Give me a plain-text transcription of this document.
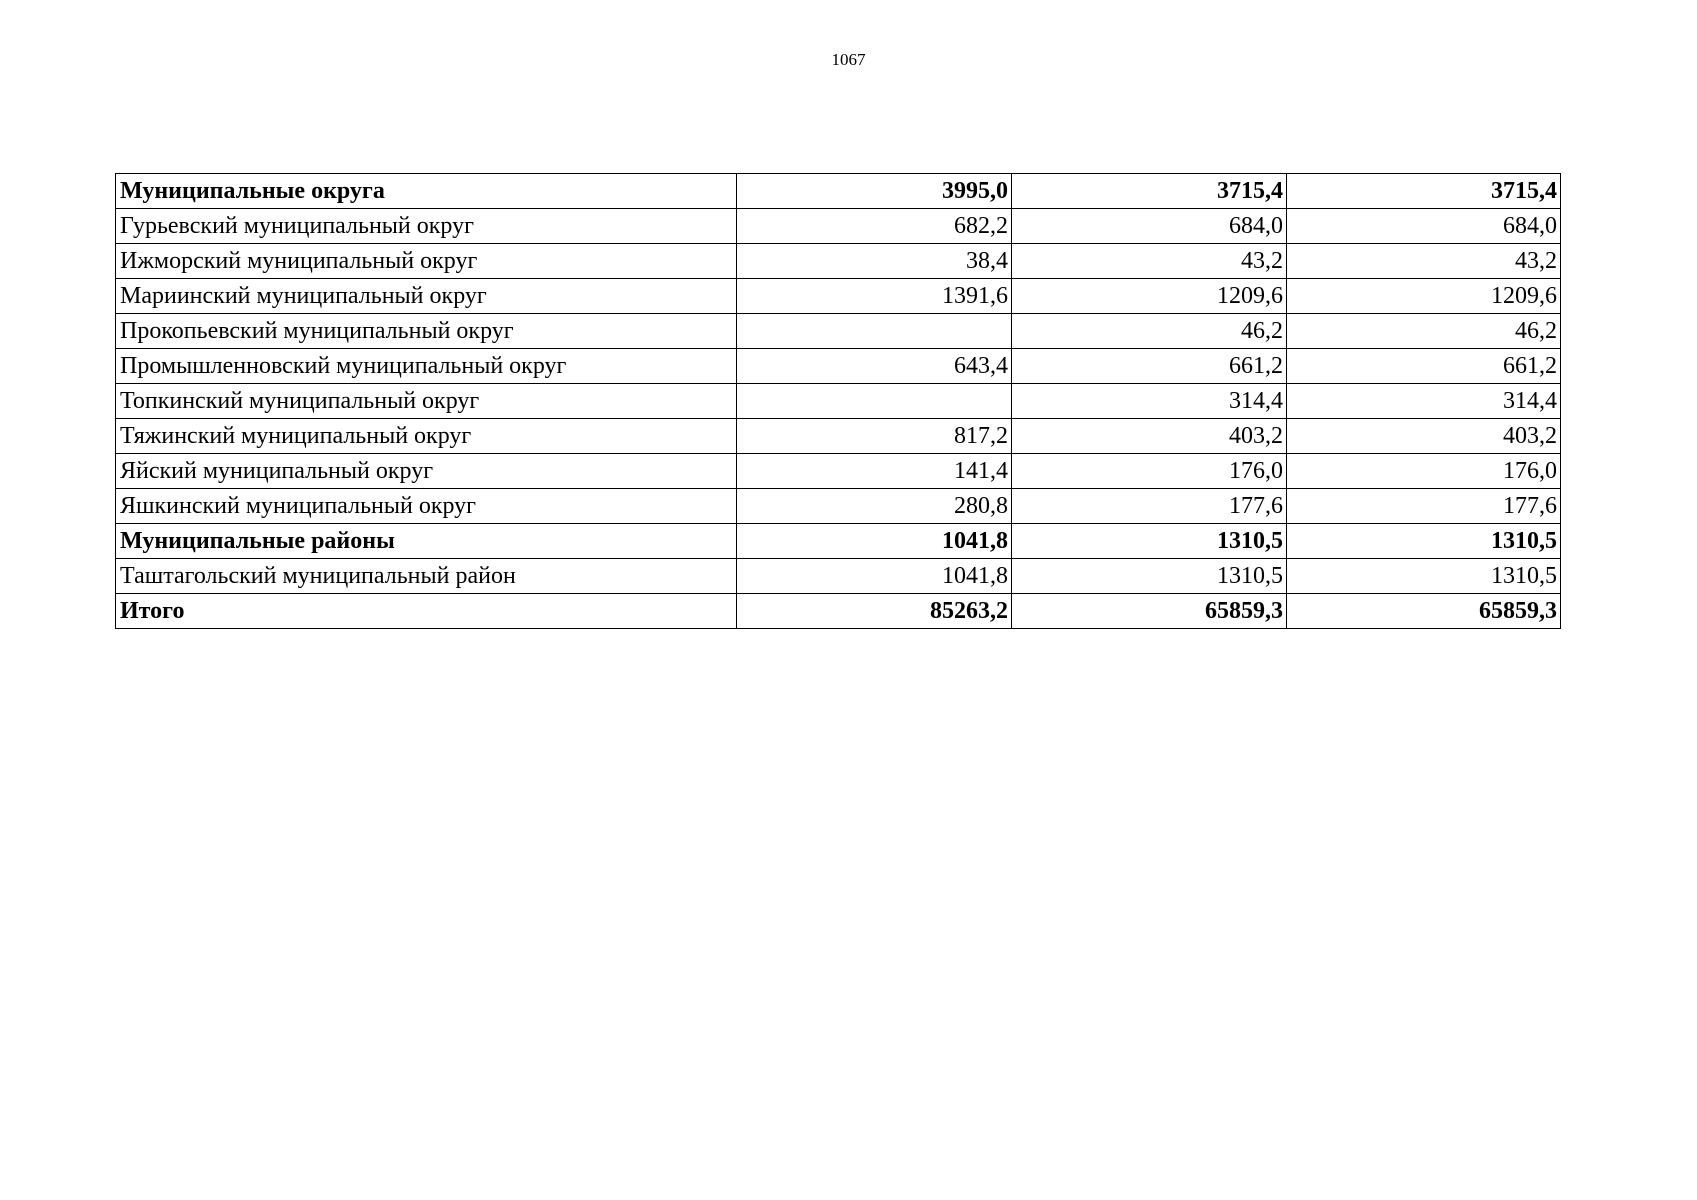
1067
Муниципальные округа	3995,0	3715,4	3715,4
Гурьевский муниципальный округ	682,2	684,0	684,0
Ижморский муниципальный округ	38,4	43,2	43,2
Мариинский муниципальный округ	1391,6	1209,6	1209,6
Прокопьевский муниципальный округ		46,2	46,2
Промышленновский муниципальный округ	643,4	661,2	661,2
Топкинский муниципальный округ		314,4	314,4
Тяжинский муниципальный округ	817,2	403,2	403,2
Яйский муниципальный округ	141,4	176,0	176,0
Яшкинский муниципальный округ	280,8	177,6	177,6
Муниципальные районы	1041,8	1310,5	1310,5
Таштагольский муниципальный район	1041,8	1310,5	1310,5
Итого	85263,2	65859,3	65859,3
